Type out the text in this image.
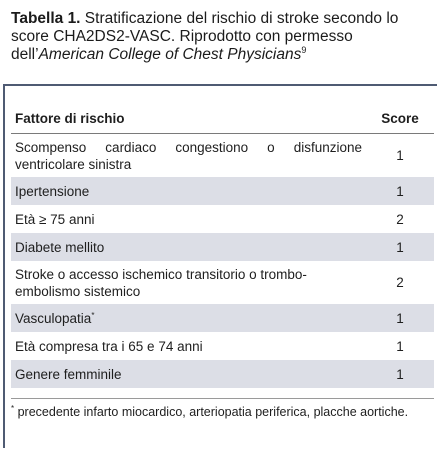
Tabella 1. Stratificazione del rischio di stroke secondo lo score CHA2DS2-VASC. Riprodotto con permesso dell’American College of Chest Physicians$^9$
Fattore di rischio	Score
Scompenso cardiaco congestiono o disfunzione ventricolare sinistra	1
Ipertensione	1
Età ≥ 75 anni	2
Diabete mellito	1
Stroke o accesso ischemico transitorio o trombo-embolismo sistemico	2
Vasculopatia*	1
Età compresa tra i 65 e 74 anni	1
Genere femminile	1
* precedente infarto miocardico, arteriopatia periferica, placche aortiche.
